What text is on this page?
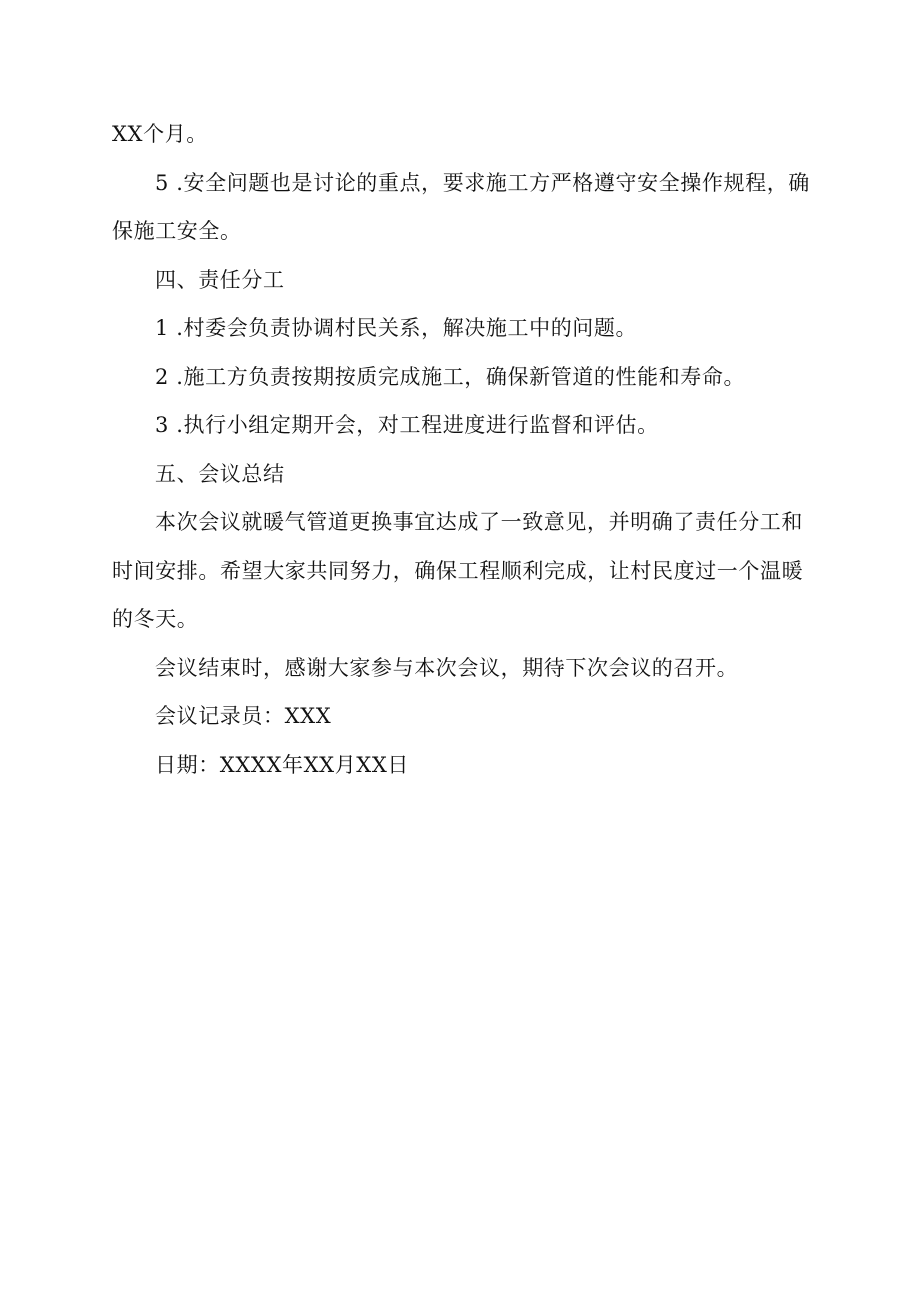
XX个月。
5 .安全问题也是讨论的重点，要求施工方严格遵守安全操作规程，确
保施工安全。
四、责任分工
1 .村委会负责协调村民关系，解决施工中的问题。
2 .施工方负责按期按质完成施工，确保新管道的性能和寿命。
3 .执行小组定期开会，对工程进度进行监督和评估。
五、会议总结
本次会议就暖气管道更换事宜达成了一致意见，并明确了责任分工和
时间安排。希望大家共同努力，确保工程顺利完成，让村民度过一个温暖
的冬天。
会议结束时，感谢大家参与本次会议，期待下次会议的召开。
会议记录员：XXX
日期：XXXX年XX月XX日
